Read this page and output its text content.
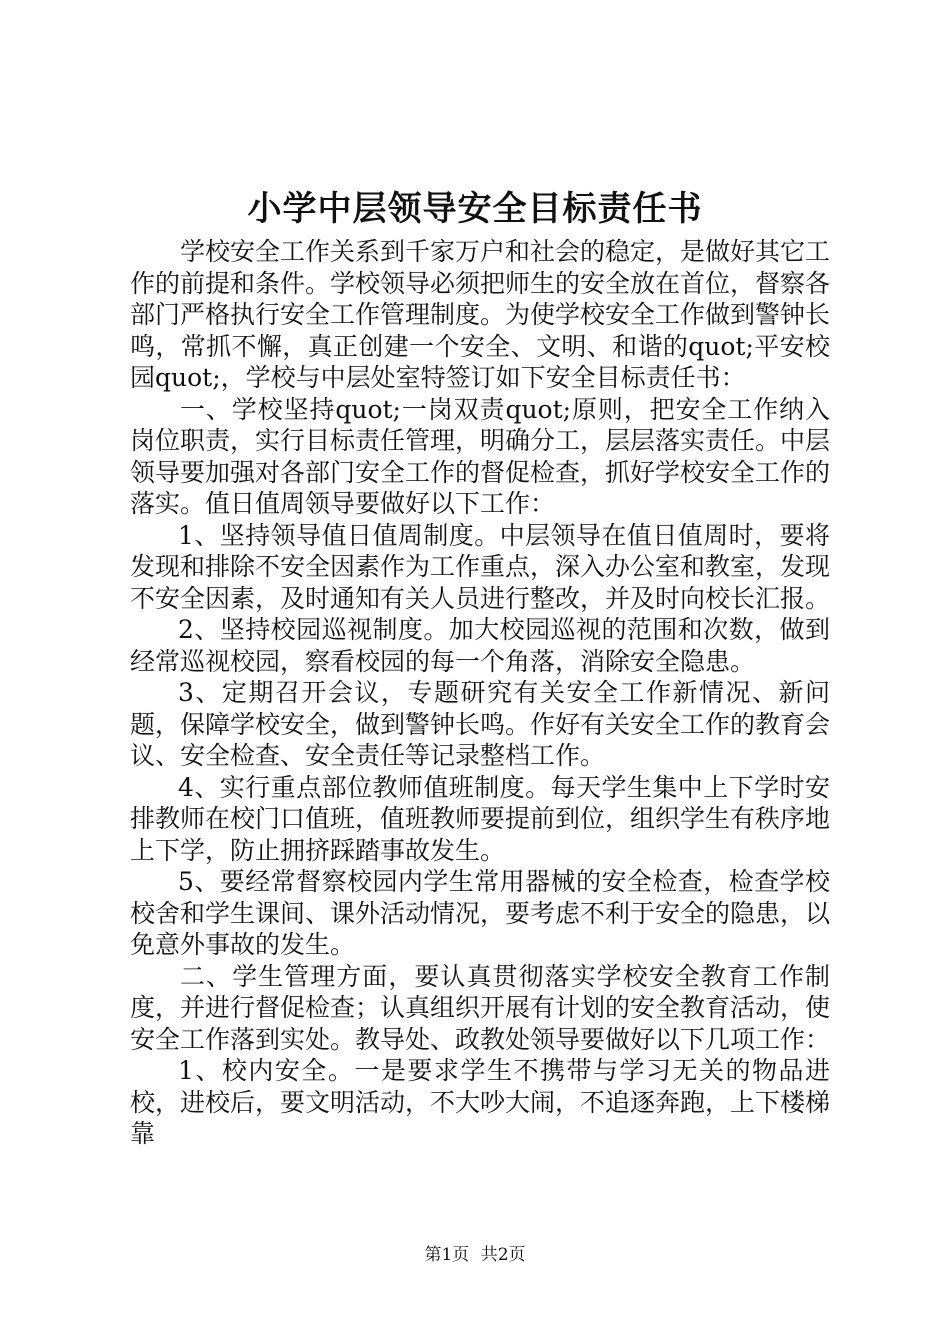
小学中层领导安全目标责任书

学校安全工作关系到千家万户和社会的稳定，是做好其它工作的前提和条件。学校领导必须把师生的安全放在首位，督察各部门严格执行安全工作管理制度。为使学校安全工作做到警钟长鸣，常抓不懈，真正创建一个安全、文明、和谐的quot;平安校园quot;，学校与中层处室特签订如下安全目标责任书：

一、学校坚持quot;一岗双责quot;原则，把安全工作纳入岗位职责，实行目标责任管理，明确分工，层层落实责任。中层领导要加强对各部门安全工作的督促检查，抓好学校安全工作的落实。值日值周领导要做好以下工作：

1、坚持领导值日值周制度。中层领导在值日值周时，要将发现和排除不安全因素作为工作重点，深入办公室和教室，发现不安全因素，及时通知有关人员进行整改，并及时向校长汇报。

2、坚持校园巡视制度。加大校园巡视的范围和次数，做到经常巡视校园，察看校园的每一个角落，消除安全隐患。

3、定期召开会议，专题研究有关安全工作新情况、新问题，保障学校安全，做到警钟长鸣。作好有关安全工作的教育会议、安全检查、安全责任等记录整档工作。

4、实行重点部位教师值班制度。每天学生集中上下学时安排教师在校门口值班，值班教师要提前到位，组织学生有秩序地上下学，防止拥挤踩踏事故发生。

5、要经常督察校园内学生常用器械的安全检查，检查学校校舍和学生课间、课外活动情况，要考虑不利于安全的隐患，以免意外事故的发生。

二、学生管理方面，要认真贯彻落实学校安全教育工作制度，并进行督促检查；认真组织开展有计划的安全教育活动，使安全工作落到实处。教导处、政教处领导要做好以下几项工作：

1、校内安全。一是要求学生不携带与学习无关的物品进校，进校后，要文明活动，不大吵大闹，不追逐奔跑，上下楼梯靠

第1页 共2页
